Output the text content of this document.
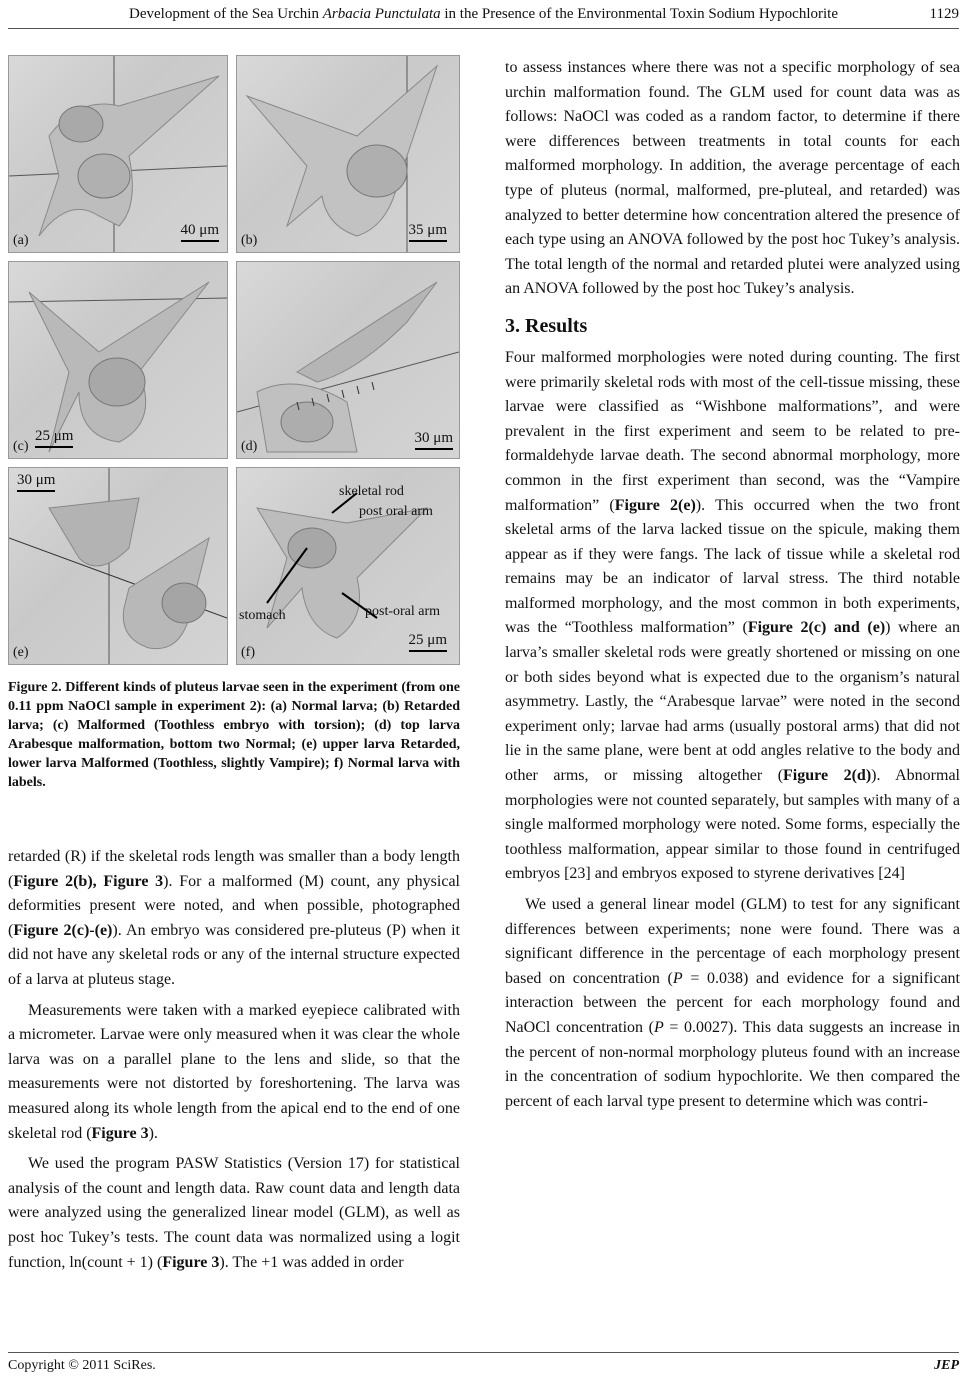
Development of the Sea Urchin Arbacia Punctulata in the Presence of the Environmental Toxin Sodium Hypochlorite	1129
(a)
40 μm
(b)
35 μm
(c)
25 μm
(d)
30 μm
(e)
30 μm
(f)
skeletal rod
post oral arm
stomach	post-oral arm
25 μm
Figure 2. Different kinds of pluteus larvae seen in the experiment (from one 0.11 ppm NaOCl sample in experiment 2): (a) Normal larva; (b) Retarded larva; (c) Malformed (Toothless embryo with torsion); (d) top larva Arabesque malformation, bottom two Normal; (e) upper larva Retarded, lower larva Malformed (Toothless, slightly Vampire); f) Normal larva with labels.

retarded (R) if the skeletal rods length was smaller than a body length (Figure 2(b), Figure 3). For a malformed (M) count, any physical deformities present were noted, and when possible, photographed (Figure 2(c)-(e)). An embryo was considered pre-pluteus (P) when it did not have any skeletal rods or any of the internal structure expected of a larva at pluteus stage.

Measurements were taken with a marked eyepiece calibrated with a micrometer. Larvae were only measured when it was clear the whole larva was on a parallel plane to the lens and slide, so that the measurements were not distorted by foreshortening. The larva was measured along its whole length from the apical end to the end of one skeletal rod (Figure 3).

We used the program PASW Statistics (Version 17) for statistical analysis of the count and length data. Raw count data and length data were analyzed using the generalized linear model (GLM), as well as post hoc Tukey’s tests. The count data was normalized using a logit function, ln(count + 1) (Figure 3). The +1 was added in order

to assess instances where there was not a specific morphology of sea urchin malformation found. The GLM used for count data was as follows: NaOCl was coded as a random factor, to determine if there were differences between treatments in total counts for each malformed morphology. In addition, the average percentage of each type of pluteus (normal, malformed, pre-pluteal, and retarded) was analyzed to better determine how concentration altered the presence of each type using an ANOVA followed by the post hoc Tukey’s analysis. The total length of the normal and retarded plutei were analyzed using an ANOVA followed by the post hoc Tukey’s analysis.

3. Results

Four malformed morphologies were noted during counting. The first were primarily skeletal rods with most of the cell-tissue missing, these larvae were classified as “Wishbone malformations”, and were prevalent in the first experiment and seem to be related to pre-formaldehyde larvae death. The second abnormal morphology, more common in the first experiment than second, was the “Vampire malformation” (Figure 2(e)). This occurred when the two front skeletal arms of the larva lacked tissue on the spicule, making them appear as if they were fangs. The lack of tissue while a skeletal rod remains may be an indicator of larval stress. The third notable malformed morphology, and the most common in both experiments, was the “Toothless malformation” (Figure 2(c) and (e)) where an larva’s smaller skeletal rods were greatly shortened or missing on one or both sides beyond what is expected due to the organism’s natural asymmetry. Lastly, the “Arabesque larvae” were noted in the second experiment only; larvae had arms (usually postoral arms) that did not lie in the same plane, were bent at odd angles relative to the body and other arms, or missing altogether (Figure 2(d)). Abnormal morphologies were not counted separately, but samples with many of a single malformed morphology were noted. Some forms, especially the toothless malformation, appear similar to those found in centrifuged embryos [23] and embryos exposed to styrene derivatives [24]

We used a general linear model (GLM) to test for any significant differences between experiments; none were found. There was a significant difference in the percentage of each morphology present based on concentration (P = 0.038) and evidence for a significant interaction between the percent for each morphology found and NaOCl concentration (P = 0.0027). This data suggests an increase in the percent of non-normal morphology pluteus found with an increase in the concentration of sodium hypochlorite. We then compared the percent of each larval type present to determine which was contri-

Copyright © 2011 SciRes.	JEP
